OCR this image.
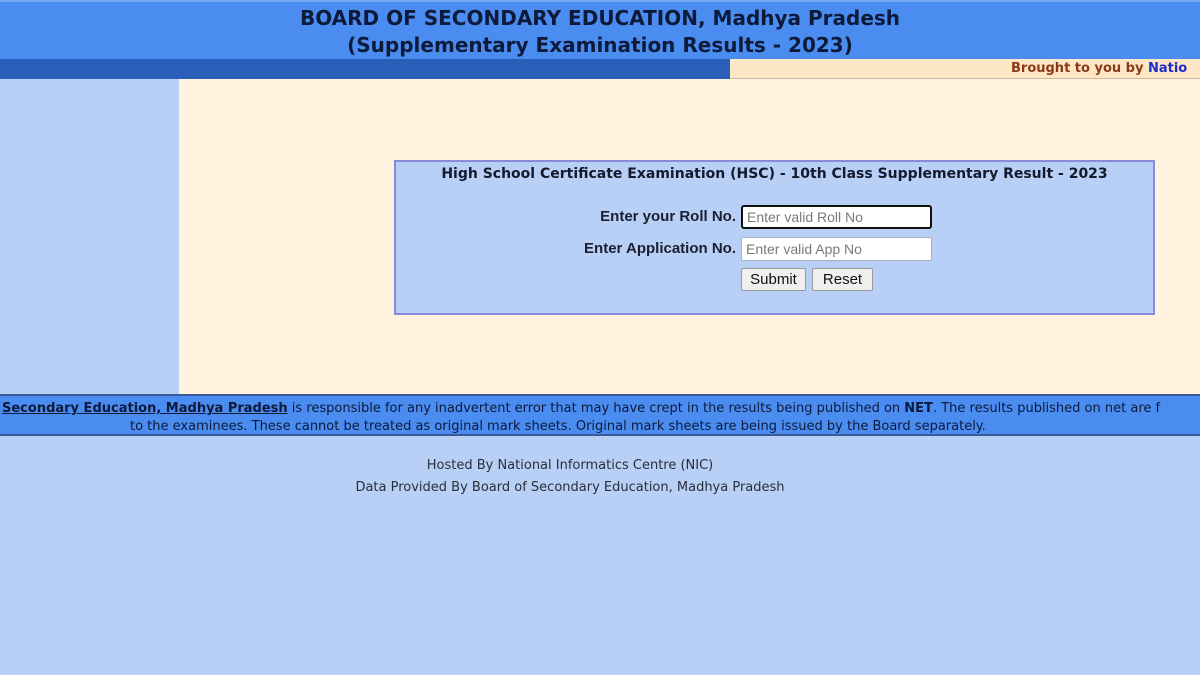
BOARD OF SECONDARY EDUCATION, Madhya Pradesh
(Supplementary Examination Results - 2023)
Brought to you by Natio
High School Certificate Examination (HSC) - 10th Class Supplementary Result - 2023
Enter your Roll No.
Enter valid Roll No
Enter Application No.
Enter valid App No
Submit	Reset
Secondary Education, Madhya Pradesh is responsible for any inadvertent error that may have crept in the results being published on NET. The results published on net are f
to the examinees. These cannot be treated as original mark sheets. Original mark sheets are being issued by the Board separately.
Hosted By National Informatics Centre (NIC)
Data Provided By Board of Secondary Education, Madhya Pradesh
